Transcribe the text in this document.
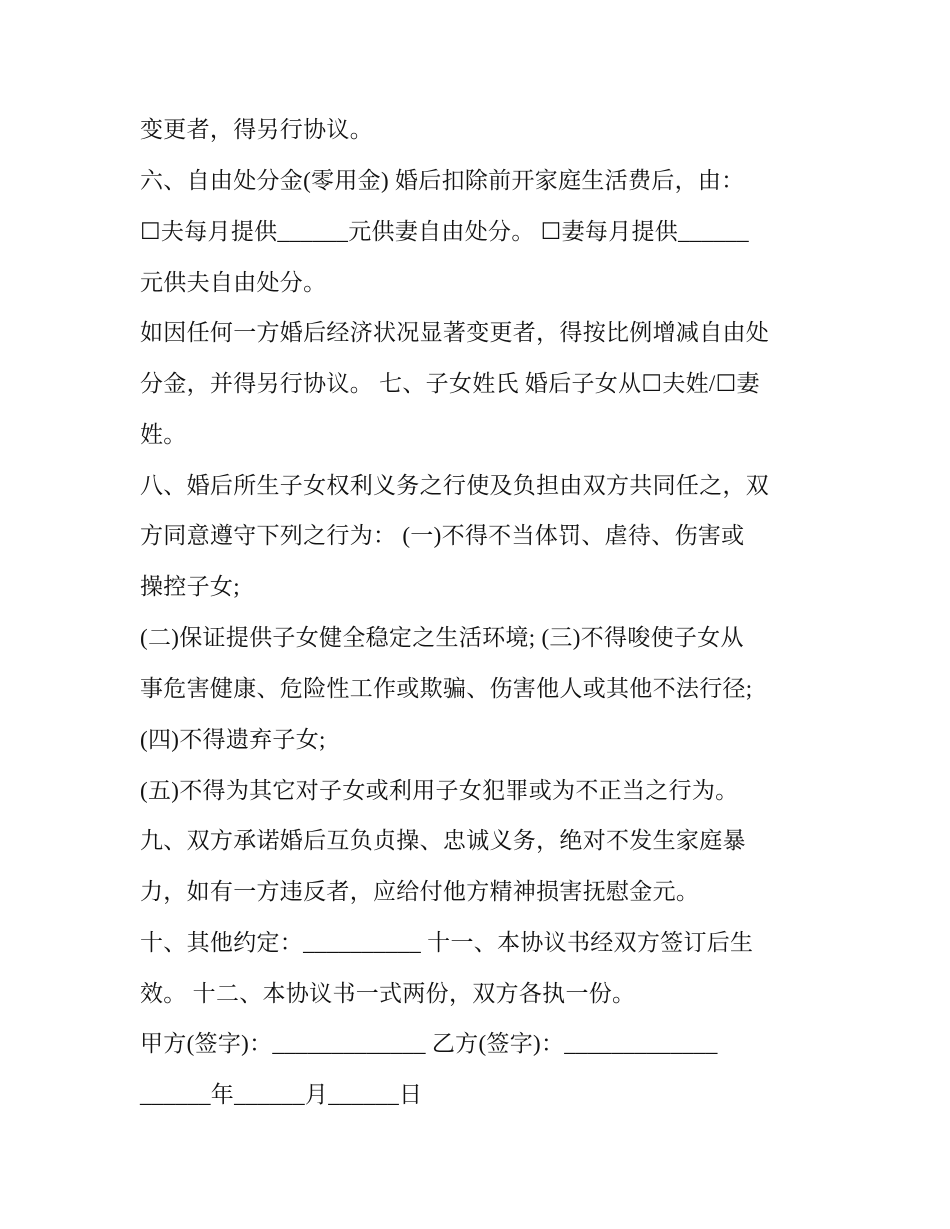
变更者，得另行协议。
六、自由处分金(零用金) 婚后扣除前开家庭生活费后，由：
☐夫每月提供______元供妻自由处分。 ☐妻每月提供______
元供夫自由处分。
如因任何一方婚后经济状况显著变更者，得按比例增减自由处
分金，并得另行协议。 七、子女姓氏 婚后子女从☐夫姓/☐妻
姓。
八、婚后所生子女权利义务之行使及负担由双方共同任之，双
方同意遵守下列之行为： (一)不得不当体罚、虐待、伤害或
操控子女;
(二)保证提供子女健全稳定之生活环境; (三)不得唆使子女从
事危害健康、危险性工作或欺骗、伤害他人或其他不法行径;
(四)不得遗弃子女;
(五)不得为其它对子女或利用子女犯罪或为不正当之行为。
九、双方承诺婚后互负贞操、忠诚义务，绝对不发生家庭暴
力，如有一方违反者，应给付他方精神损害抚慰金元。
十、其他约定：__________ 十一、本协议书经双方签订后生
效。 十二、本协议书一式两份，双方各执一份。
甲方(签字)：_____________ 乙方(签字)：_____________
______年______月______日
